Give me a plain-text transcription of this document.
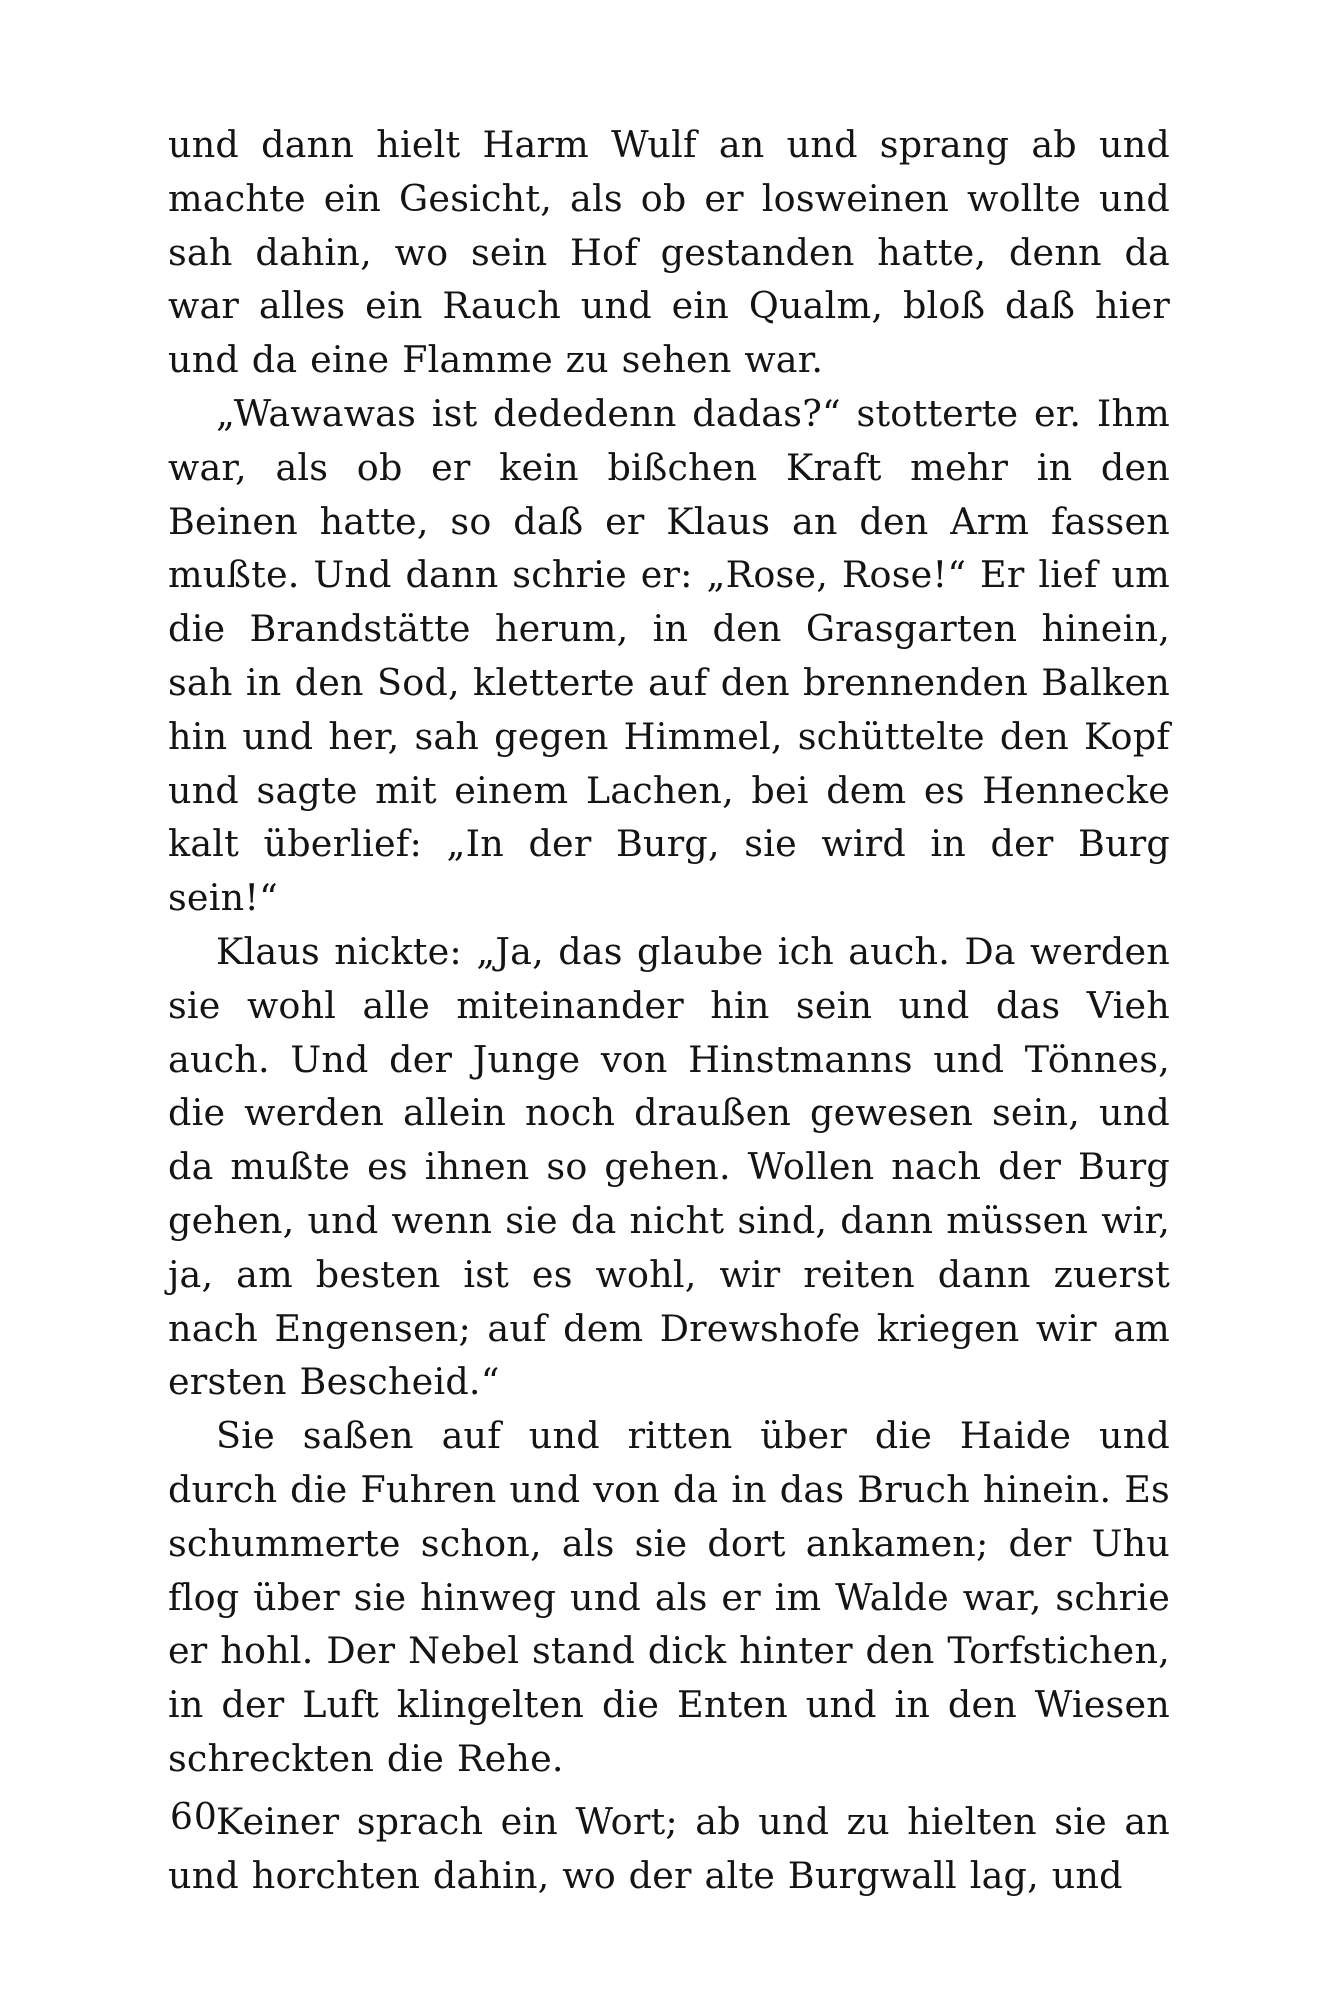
und dann hielt Harm Wulf an und sprang ab und machte ein Gesicht, als ob er losweinen wollte und sah dahin, wo sein Hof gestanden hatte, denn da war alles ein Rauch und ein Qualm, bloß daß hier und da eine Flamme zu sehen war.

„Wawawas ist dededenn dadas?“ stotterte er. Ihm war, als ob er kein bißchen Kraft mehr in den Beinen hatte, so daß er Klaus an den Arm fassen mußte. Und dann schrie er: „Rose, Rose!“ Er lief um die Brandstätte herum, in den Grasgarten hinein, sah in den Sod, kletterte auf den brennenden Balken hin und her, sah gegen Himmel, schüttelte den Kopf und sagte mit einem Lachen, bei dem es Hennecke kalt überlief: „In der Burg, sie wird in der Burg sein!“

Klaus nickte: „Ja, das glaube ich auch. Da werden sie wohl alle miteinander hin sein und das Vieh auch. Und der Junge von Hinstmanns und Tönnes, die werden allein noch draußen gewesen sein, und da mußte es ihnen so gehen. Wollen nach der Burg gehen, und wenn sie da nicht sind, dann müssen wir, ja, am besten ist es wohl, wir reiten dann zuerst nach Engensen; auf dem Drewshofe kriegen wir am ersten Bescheid.“

Sie saßen auf und ritten über die Haide und durch die Fuhren und von da in das Bruch hinein. Es schummerte schon, als sie dort ankamen; der Uhu flog über sie hinweg und als er im Walde war, schrie er hohl. Der Nebel stand dick hinter den Torfstichen, in der Luft klingelten die Enten und in den Wiesen schreckten die Rehe.

Keiner sprach ein Wort; ab und zu hielten sie an und horchten dahin, wo der alte Burgwall lag, und

60
